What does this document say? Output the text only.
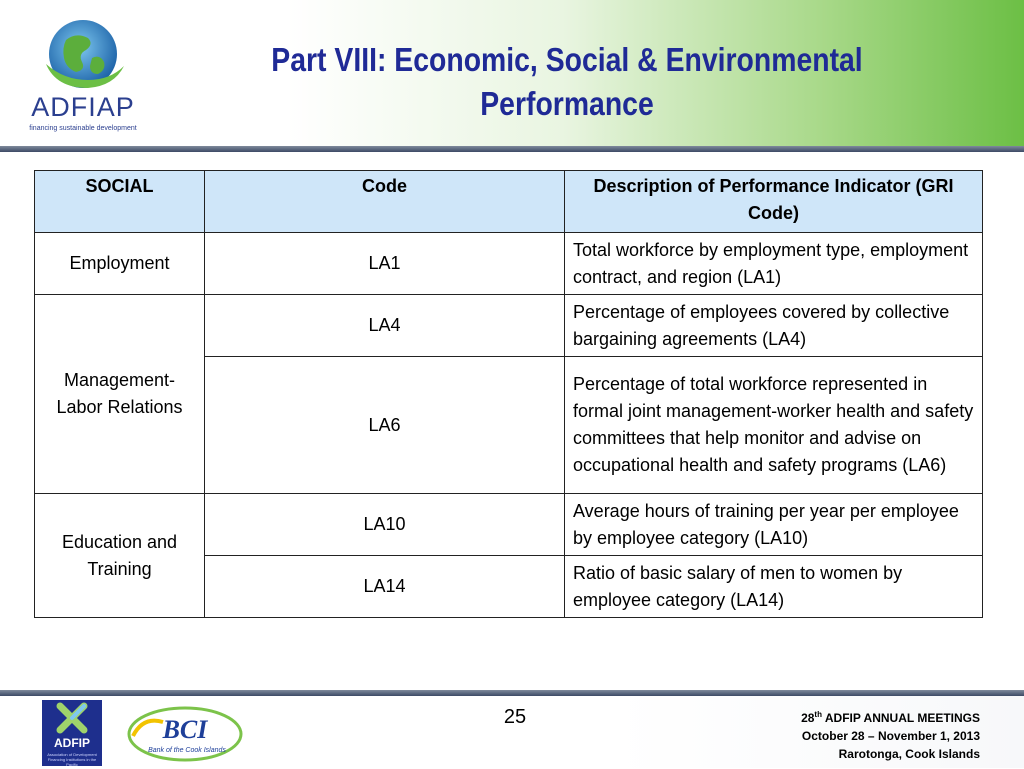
ADFIAP
financing sustainable development
Part VIII: Economic, Social & Environmental
Performance
SOCIAL	Code	Description of Performance Indicator (GRI Code)
Employment	LA1	Total workforce by employment type, employment contract, and region (LA1)
Management-Labor Relations	LA4	Percentage of employees covered by collective bargaining agreements (LA4)
	LA6	Percentage of total workforce represented in formal joint management-worker health and safety committees that help monitor and advise on occupational health and safety programs (LA6)
Education and Training	LA10	Average hours of training per year per employee by employee category (LA10)
	LA14	Ratio of basic salary of men to women by employee category (LA14)
ADFIP
Association of Development Financing Institutions in the Pacific
BCI
Bank of the Cook Islands
25	28th ADFIP ANNUAL MEETINGS
October 28 – November 1, 2013
Rarotonga, Cook Islands
